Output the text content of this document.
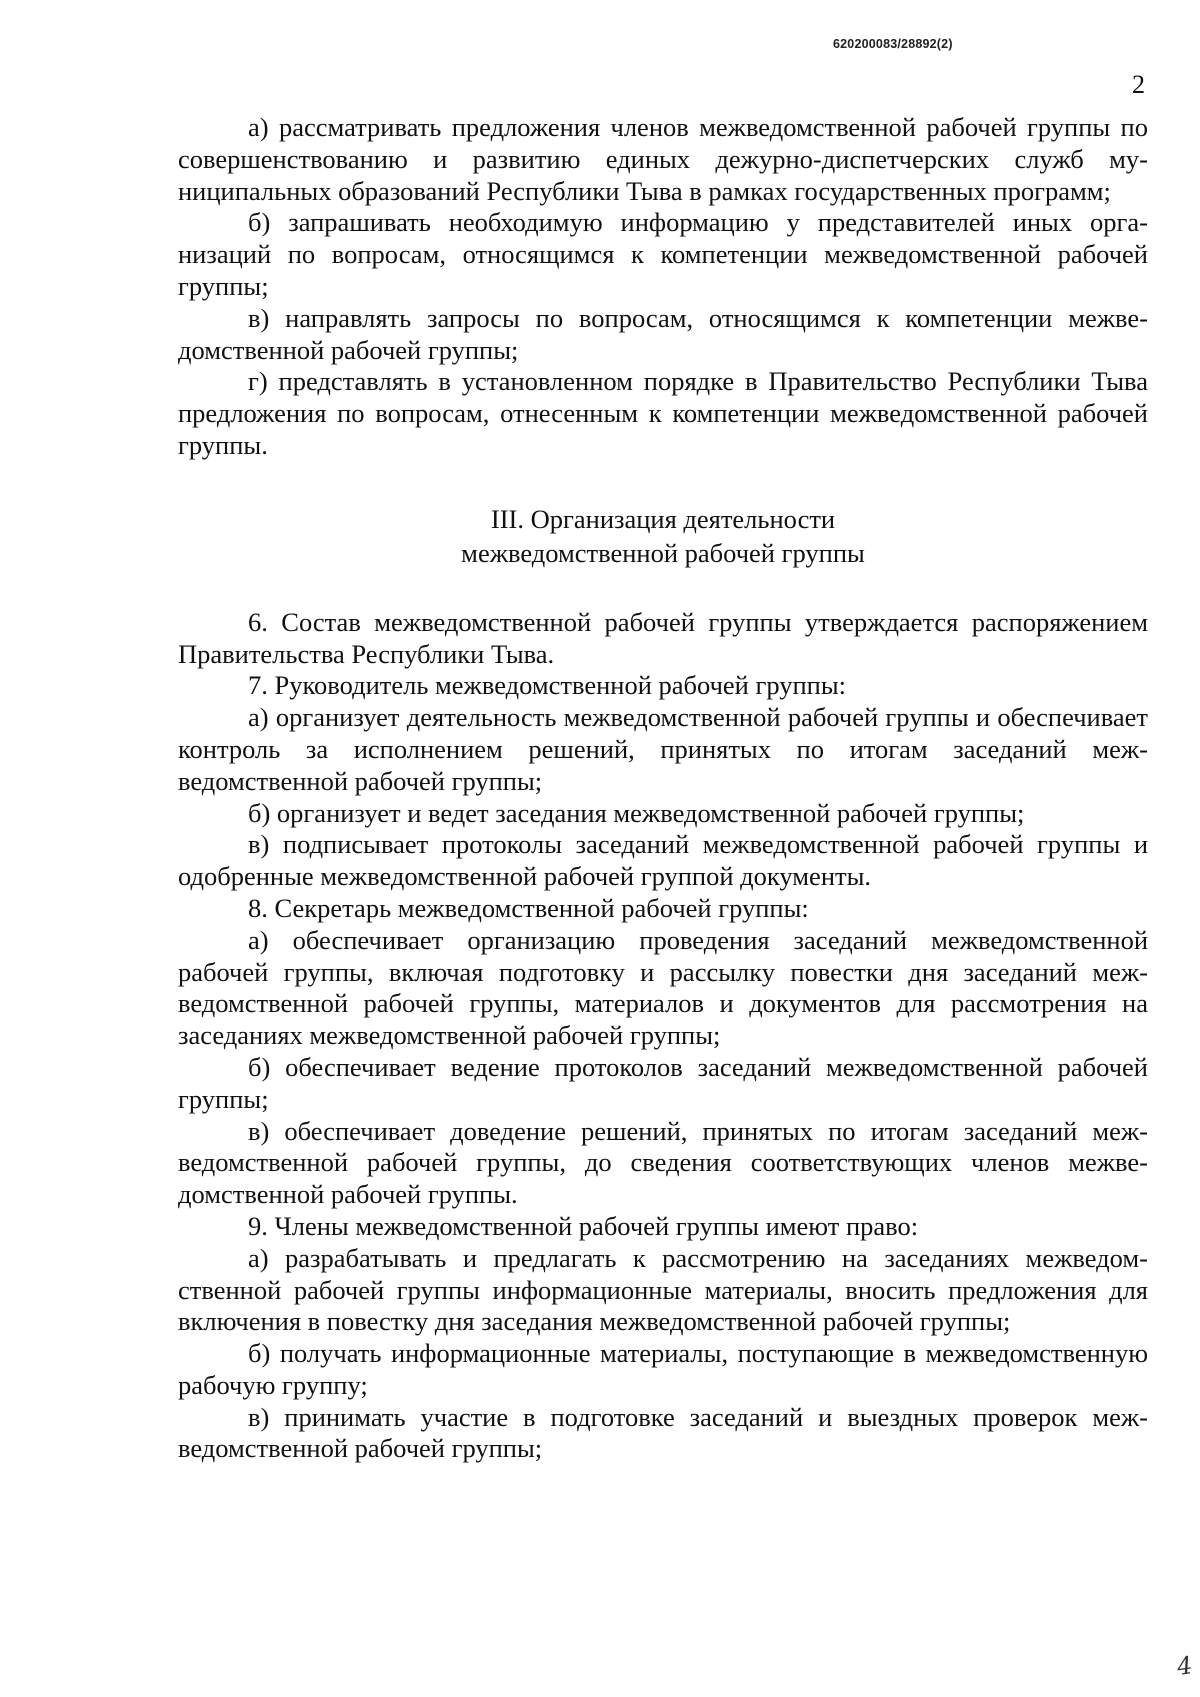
620200083/28892(2)
2

а) рассматривать предложения членов межведомственной рабочей группы по совершенствованию и развитию единых дежурно-диспетчерских служб муниципальных образований Республики Тыва в рамках государственных программ;

б) запрашивать необходимую информацию у представителей иных организаций по вопросам, относящимся к компетенции межведомственной рабочей группы;

в) направлять запросы по вопросам, относящимся к компетенции межведомственной рабочей группы;

г) представлять в установленном порядке в Правительство Республики Тыва предложения по вопросам, отнесенным к компетенции межведомственной рабочей группы.

III. Организация деятельности
межведомственной рабочей группы

6. Состав межведомственной рабочей группы утверждается распоряжением Правительства Республики Тыва.

7. Руководитель межведомственной рабочей группы:

а) организует деятельность межведомственной рабочей группы и обеспечивает контроль за исполнением решений, принятых по итогам заседаний межведомственной рабочей группы;

б) организует и ведет заседания межведомственной рабочей группы;

в) подписывает протоколы заседаний межведомственной рабочей группы и одобренные межведомственной рабочей группой документы.

8. Секретарь межведомственной рабочей группы:

а) обеспечивает организацию проведения заседаний межведомственной рабочей группы, включая подготовку и рассылку повестки дня заседаний межведомственной рабочей группы, материалов и документов для рассмотрения на заседаниях межведомственной рабочей группы;

б) обеспечивает ведение протоколов заседаний межведомственной рабочей группы;

в) обеспечивает доведение решений, принятых по итогам заседаний межведомственной рабочей группы, до сведения соответствующих членов межведомственной рабочей группы.

9. Члены межведомственной рабочей группы имеют право:

а) разрабатывать и предлагать к рассмотрению на заседаниях межведомственной рабочей группы информационные материалы, вносить предложения для включения в повестку дня заседания межведомственной рабочей группы;

б) получать информационные материалы, поступающие в межведомственную рабочую группу;

в) принимать участие в подготовке заседаний и выездных проверок межведомственной рабочей группы;

4
